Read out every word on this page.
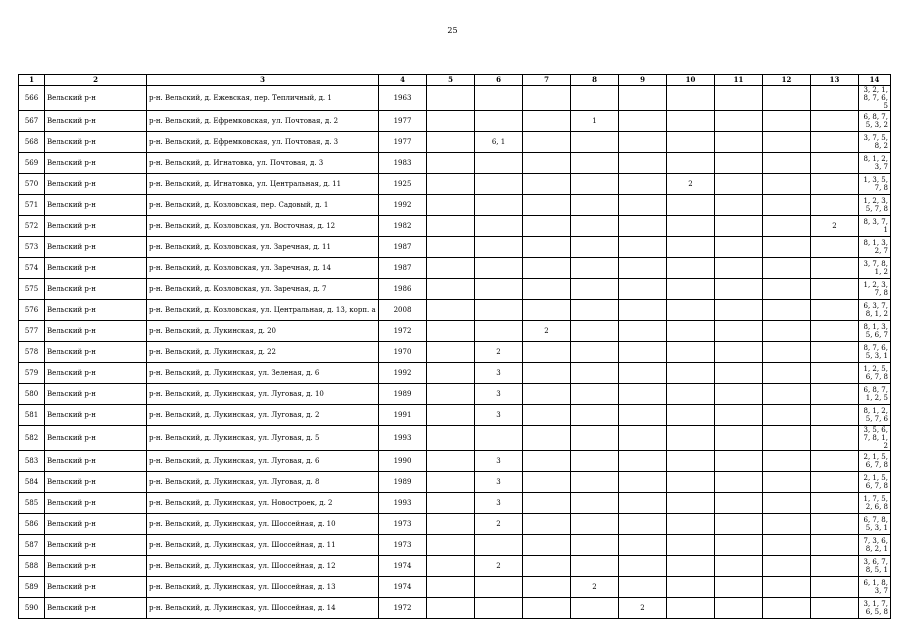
25
1	2	3	4	5	6	7	8	9	10	11	12	13	14
566	Вельский р-н	р-н. Вельский, д. Ежевская, пер. Тепличный, д. 1	1963										3, 2, 1, 8, 7, 6, 5
567	Вельский р-н	р-н. Вельский, д. Ефремковская, ул. Почтовая, д. 2	1977				1						6, 8, 7, 5, 3, 2
568	Вельский р-н	р-н. Вельский, д. Ефремковская, ул. Почтовая, д. 3	1977		6, 1								3, 7, 5, 8, 2
569	Вельский р-н	р-н. Вельский, д. Игнатовка, ул. Почтовая, д. 3	1983										8, 1, 2, 3, 7
570	Вельский р-н	р-н. Вельский, д. Игнатовка, ул. Центральная, д. 11	1925						2				1, 3, 5, 7, 8
571	Вельский р-н	р-н. Вельский, д. Козловская, пер. Садовый, д. 1	1992										1, 2, 3, 5, 7, 8
572	Вельский р-н	р-н. Вельский, д. Козловская, ул. Восточная, д. 12	1982									2	8, 3, 7, 1
573	Вельский р-н	р-н. Вельский, д. Козловская, ул. Заречная, д. 11	1987										8, 1, 3, 2, 7
574	Вельский р-н	р-н. Вельский, д. Козловская, ул. Заречная, д. 14	1987										3, 7, 8, 1, 2
575	Вельский р-н	р-н. Вельский, д. Козловская, ул. Заречная, д. 7	1986										1, 2, 3, 7, 8
576	Вельский р-н	р-н. Вельский, д. Козловская, ул. Центральная, д. 13, корп. а	2008										6, 3, 7, 8, 1, 2
577	Вельский р-н	р-н. Вельский, д. Лукинская, д. 20	1972			2							8, 1, 3, 5, 6, 7
578	Вельский р-н	р-н. Вельский, д. Лукинская, д. 22	1970		2								8, 7, 6, 5, 3, 1
579	Вельский р-н	р-н. Вельский, д. Лукинская, ул. Зеленая, д. 6	1992		3								1, 2, 5, 6, 7, 8
580	Вельский р-н	р-н. Вельский, д. Лукинская, ул. Луговая, д. 10	1989		3								6, 8, 7, 1, 2, 5
581	Вельский р-н	р-н. Вельский, д. Лукинская, ул. Луговая, д. 2	1991		3								8, 1, 2, 5, 7, 6
582	Вельский р-н	р-н. Вельский, д. Лукинская, ул. Луговая, д. 5	1993										3, 5, 6, 7, 8, 1, 2
583	Вельский р-н	р-н. Вельский, д. Лукинская, ул. Луговая, д. 6	1990		3								2, 1, 5, 6, 7, 8
584	Вельский р-н	р-н. Вельский, д. Лукинская, ул. Луговая, д. 8	1989		3								2, 1, 5, 6, 7, 8
585	Вельский р-н	р-н. Вельский, д. Лукинская, ул. Новостроек, д. 2	1993		3								1, 7, 5, 2, 6, 8
586	Вельский р-н	р-н. Вельский, д. Лукинская, ул. Шоссейная, д. 10	1973		2								6, 7, 8, 5, 3, 1
587	Вельский р-н	р-н. Вельский, д. Лукинская, ул. Шоссейная, д. 11	1973										7, 3, 6, 8, 2, 1
588	Вельский р-н	р-н. Вельский, д. Лукинская, ул. Шоссейная, д. 12	1974		2								3, 6, 7, 8, 5, 1
589	Вельский р-н	р-н. Вельский, д. Лукинская, ул. Шоссейная, д. 13	1974				2						6, 1, 8, 3, 7
590	Вельский р-н	р-н. Вельский, д. Лукинская, ул. Шоссейная, д. 14	1972					2					3, 1, 7, 6, 5, 8
